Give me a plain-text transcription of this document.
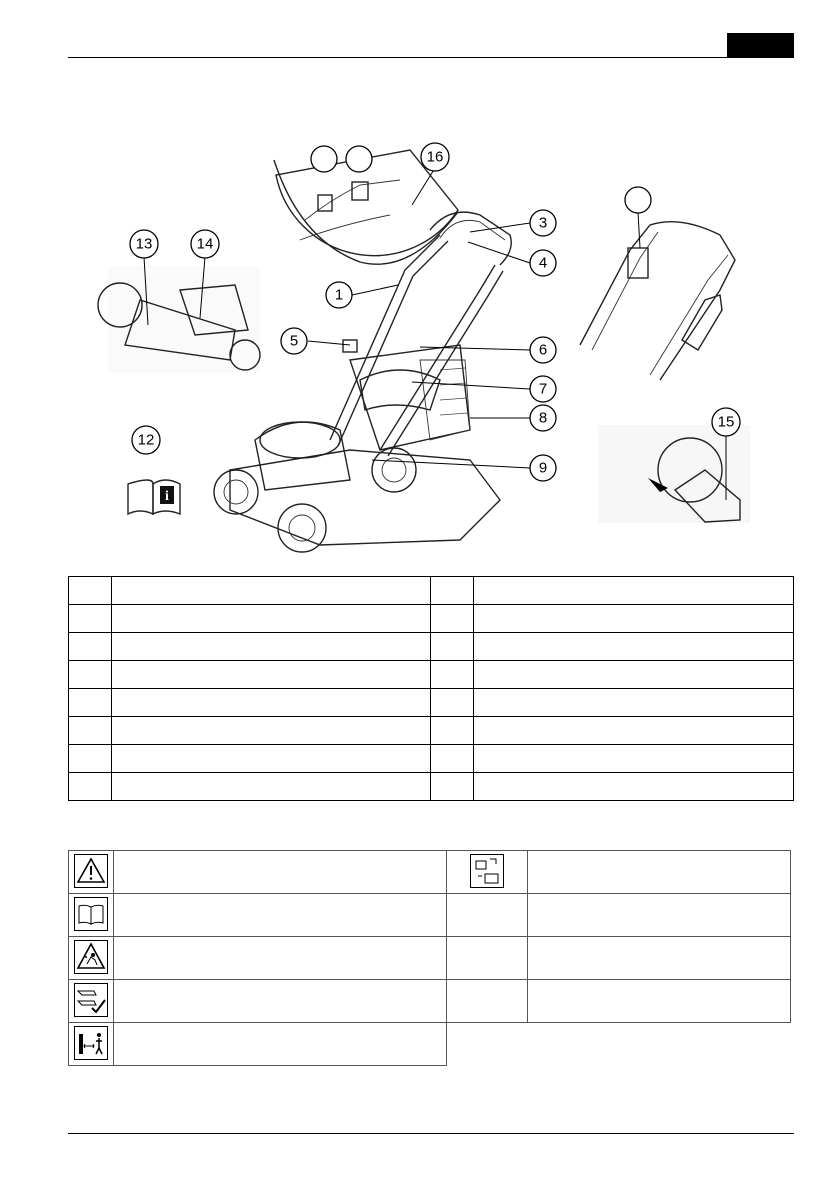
i
1
3
4
5
6
7
8
9
12
13	14
15
16
